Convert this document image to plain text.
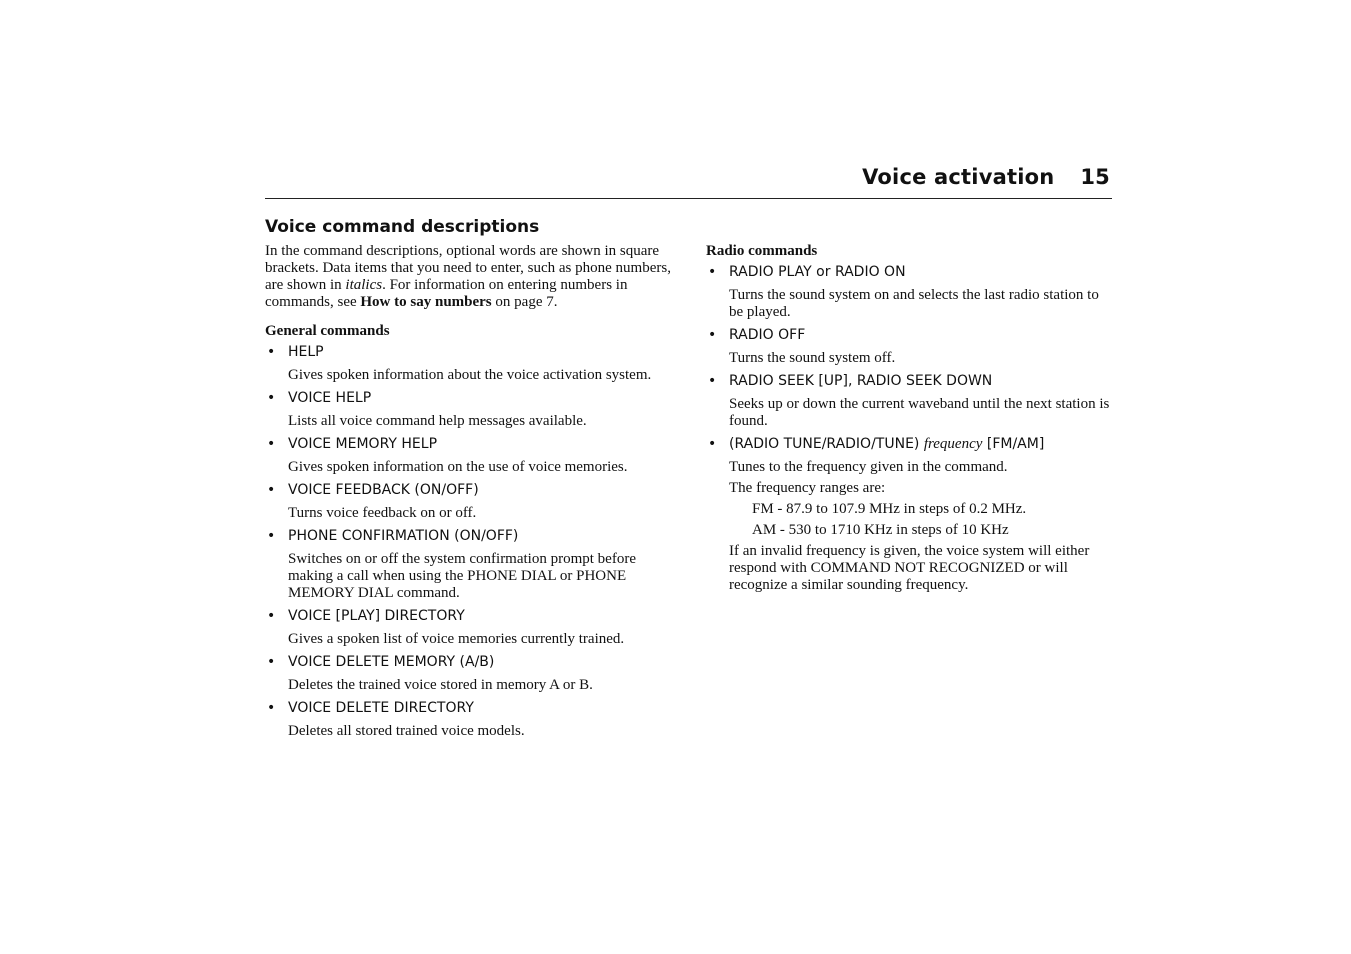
Voice activation 15
Voice command descriptions

In the command descriptions, optional words are shown in square brackets. Data items that you need to enter, such as phone numbers, are shown in italics. For information on entering numbers in commands, see How to say numbers on page 7.

General commands
• HELP
Gives spoken information about the voice activation system.
• VOICE HELP
Lists all voice command help messages available.
• VOICE MEMORY HELP
Gives spoken information on the use of voice memories.
• VOICE FEEDBACK (ON/OFF)
Turns voice feedback on or off.
• PHONE CONFIRMATION (ON/OFF)
Switches on or off the system confirmation prompt before making a call when using the PHONE DIAL or PHONE MEMORY DIAL command.
• VOICE [PLAY] DIRECTORY
Gives a spoken list of voice memories currently trained.
• VOICE DELETE MEMORY (A/B)
Deletes the trained voice stored in memory A or B.
• VOICE DELETE DIRECTORY
Deletes all stored trained voice models.
Radio commands
• RADIO PLAY or RADIO ON
Turns the sound system on and selects the last radio station to be played.
• RADIO OFF
Turns the sound system off.
• RADIO SEEK [UP], RADIO SEEK DOWN
Seeks up or down the current waveband until the next station is found.
• (RADIO TUNE/RADIO/TUNE) frequency [FM/AM]

Tunes to the frequency given in the command.

The frequency ranges are:

FM - 87.9 to 107.9 MHz in steps of 0.2 MHz.

AM - 530 to 1710 KHz in steps of 10 KHz

If an invalid frequency is given, the voice system will either respond with COMMAND NOT RECOGNIZED or will recognize a similar sounding frequency.
